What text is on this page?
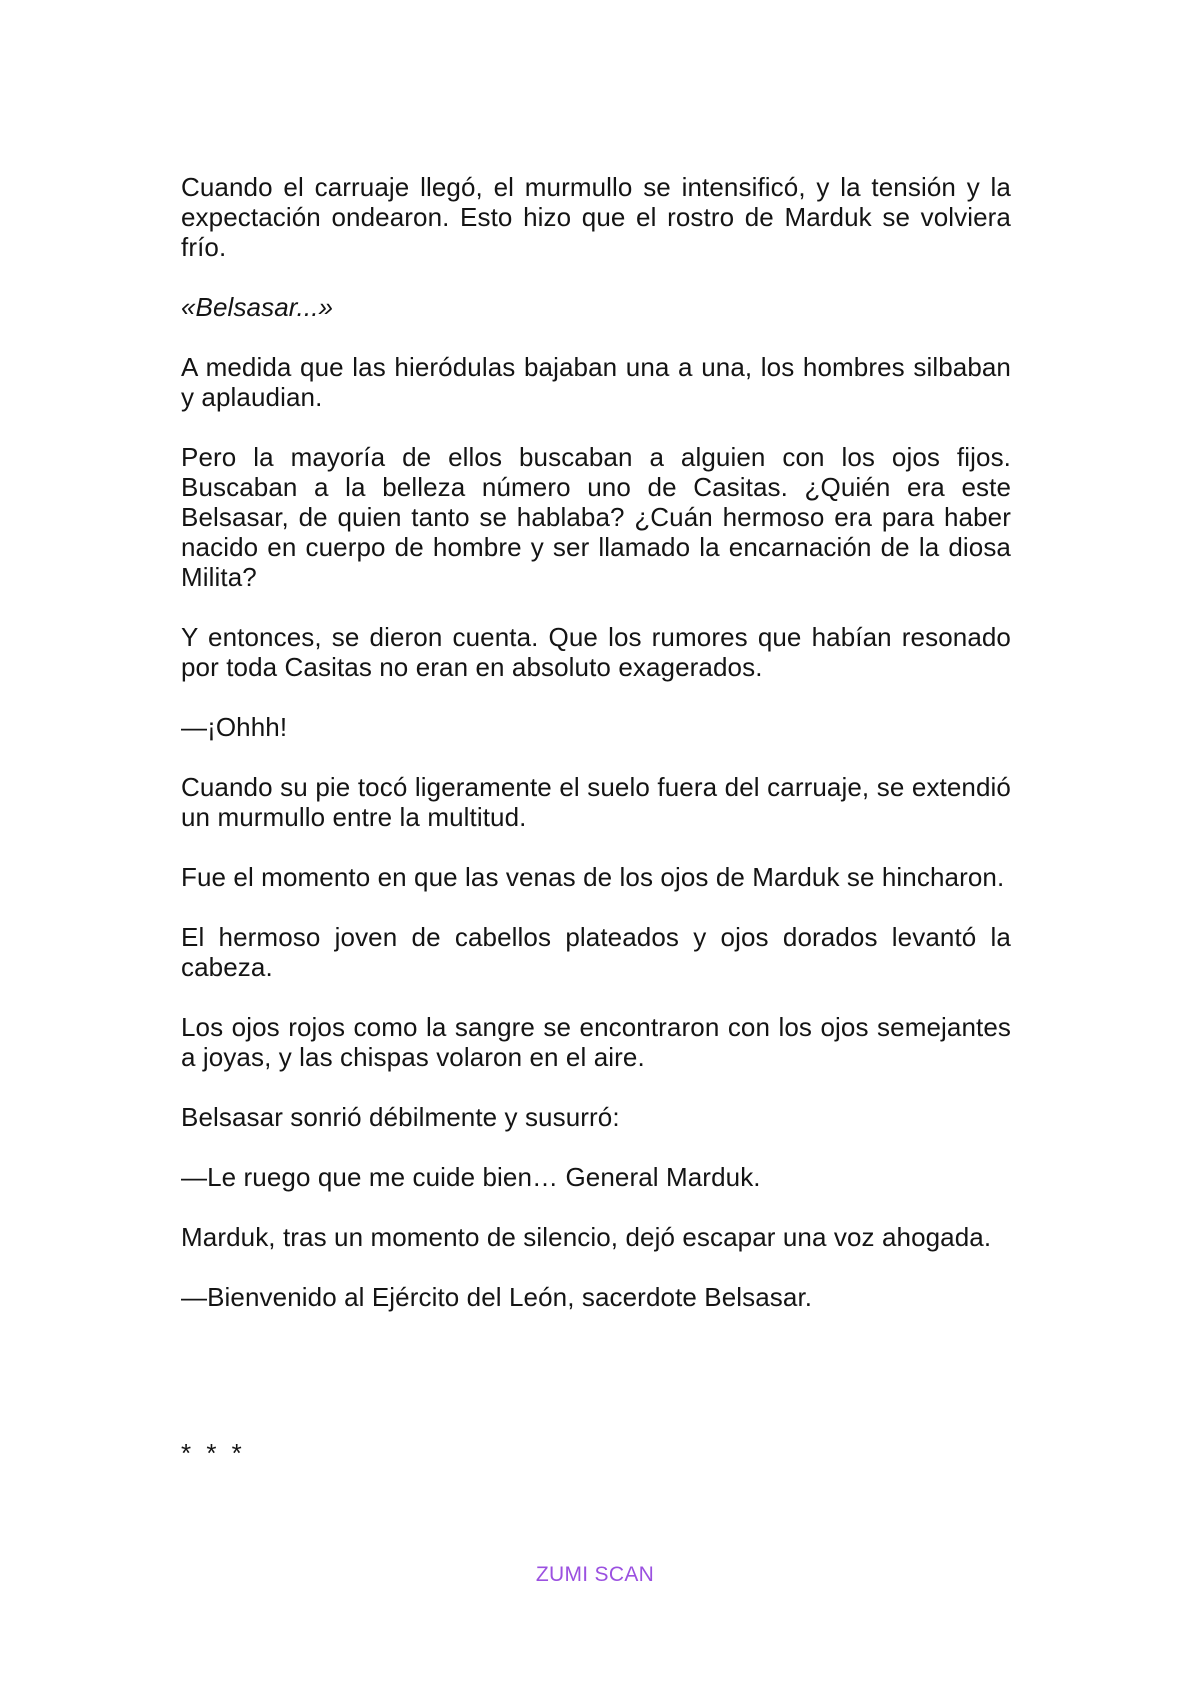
Cuando el carruaje llegó, el murmullo se intensificó, y la tensión y la expectación ondearon. Esto hizo que el rostro de Marduk se volviera frío.

«Belsasar...»

A medida que las hieródulas bajaban una a una, los hombres silbaban y aplaudian.

Pero la mayoría de ellos buscaban a alguien con los ojos fijos. Buscaban a la belleza número uno de Casitas. ¿Quién era este Belsasar, de quien tanto se hablaba? ¿Cuán hermoso era para haber nacido en cuerpo de hombre y ser llamado la encarnación de la diosa Milita?

Y entonces, se dieron cuenta. Que los rumores que habían resonado por toda Casitas no eran en absoluto exagerados.

—¡Ohhh!

Cuando su pie tocó ligeramente el suelo fuera del carruaje, se extendió un murmullo entre la multitud.

Fue el momento en que las venas de los ojos de Marduk se hincharon.

El hermoso joven de cabellos plateados y ojos dorados levantó la cabeza.

Los ojos rojos como la sangre se encontraron con los ojos semejantes a joyas, y las chispas volaron en el aire.

Belsasar sonrió débilmente y susurró:

—Le ruego que me cuide bien… General Marduk.

Marduk, tras un momento de silencio, dejó escapar una voz ahogada.

—Bienvenido al Ejército del León, sacerdote Belsasar.

* * *
ZUMI SCAN
